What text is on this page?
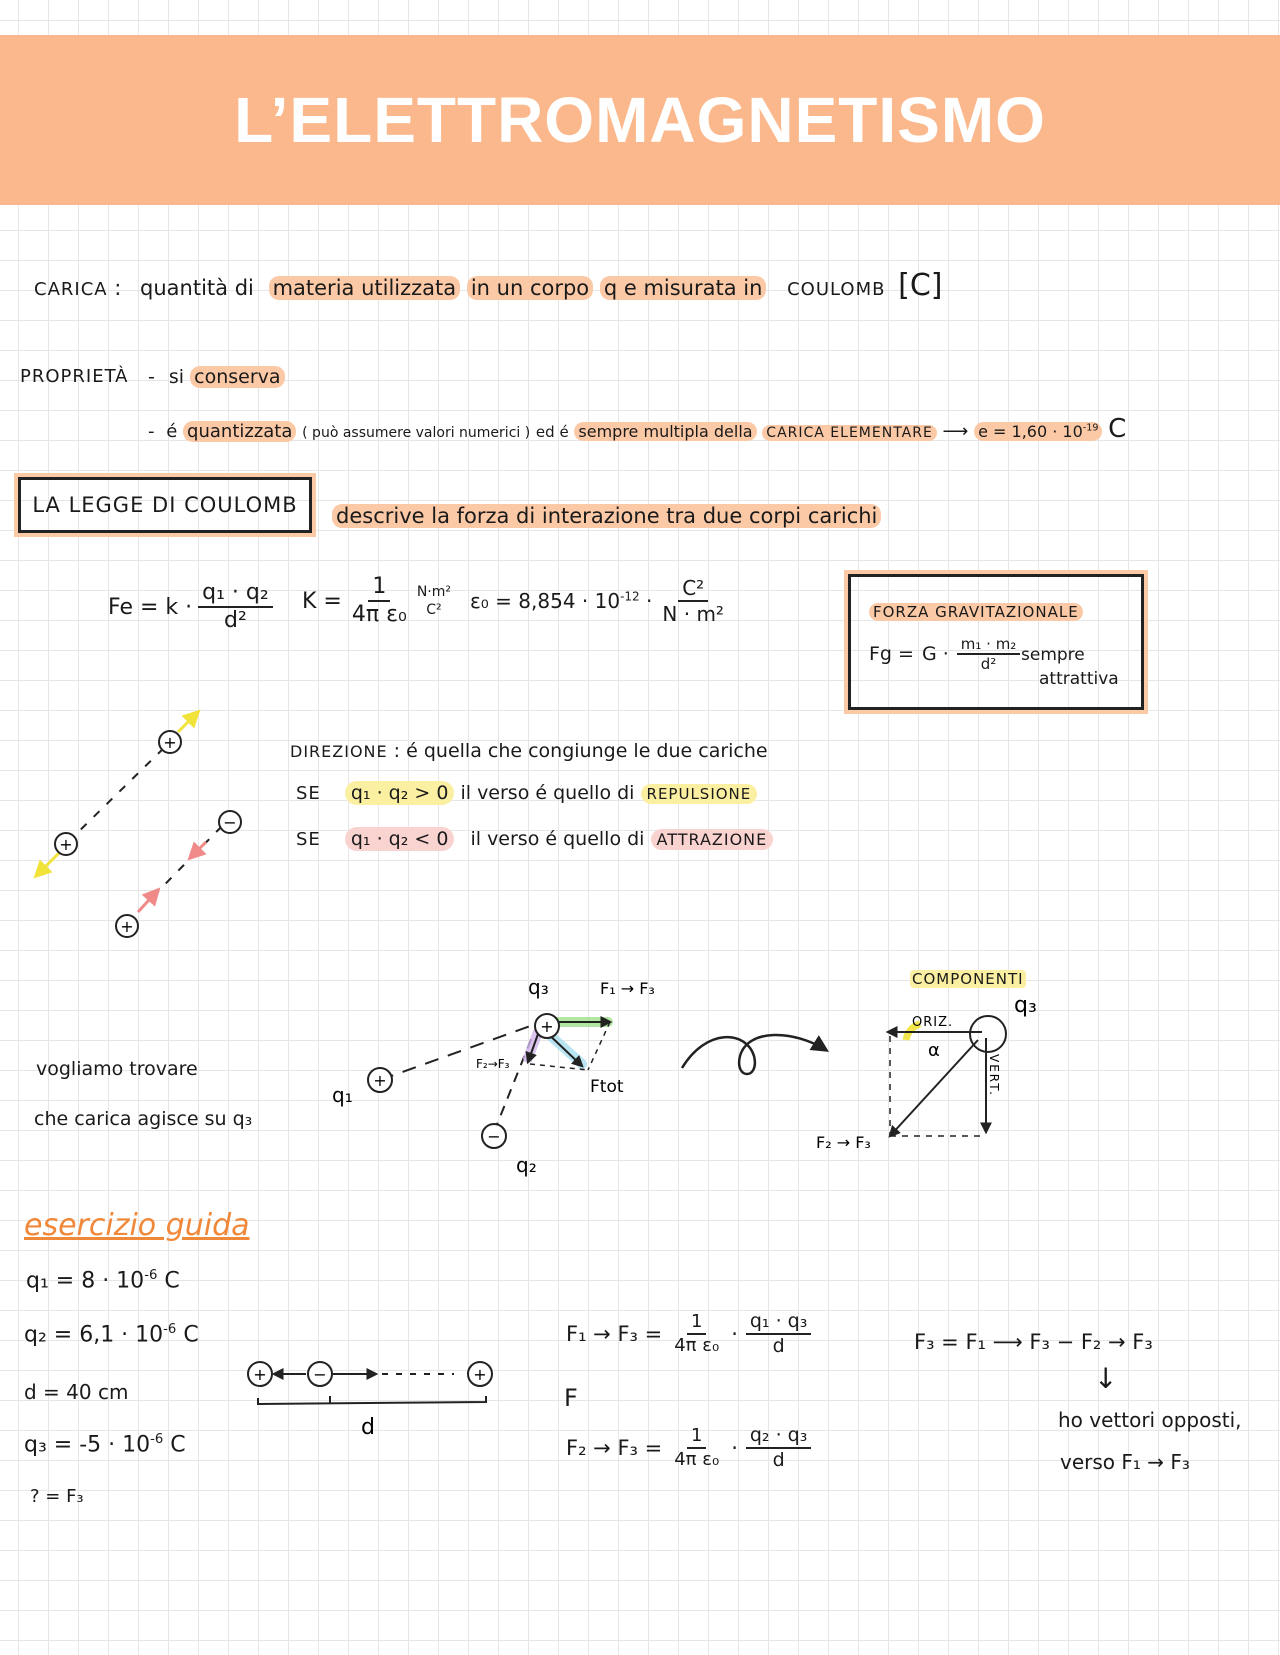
L’ELETTROMAGNETISMO
CARICA : quantità di materia utilizzata in un corpo q e misurata in COULOMB [C]
PROPRIETÀ - si conserva
- é quantizzata ( può assumere valori numerici ) ed é sempre multipla della CARICA ELEMENTARE ⟶ $e = 1,60 \cdot 10^{-19}$ C
LA LEGGE DI COULOMB descrive la forza di interazione tra due corpi carichi
$Fe = k \cdot \frac{\text{q₁ · q₂}}{\text{d²}}$ $K = \frac{1}{\text{4π ε₀}} N\cdot m^2$
C² $\varepsilon_0 = 8,854 \cdot 10^{-12} \cdot \frac{\text{C²}}{\text{N · m²}}$	FORZA GRAVITAZIONALE
$Fg = G \cdot \frac{\text{m₁ · m₂}}{\text{d²}}$ sempre
attrattiva
+
+
−
+
DIREZIONE : é quella che congiunge le due cariche
SE q₁ · q₂ > 0 il verso é quello di REPULSIONE
SE q₁ · q₂ < 0 il verso é quello di ATTRAZIONE
vogliamo trovare
che carica agisce su q₃
+
+
−
q₁
q₃
q₂
F₁ → F₃
F₂→F₃
Ftot
COMPONENTI
ORIZ.
α
q₃
VERT.
F₂ → F₃
esercizio guida
$q_1 = 8 \cdot 10^{-6}$ C
$q_2 = 6,1 \cdot 10^{-6}$ C
d = 40 cm
$q_3 = -5 \cdot 10^{-6}$ C
? = F₃
+	−	+
d
$F_1 \to F_3 = \frac{1}{\text{4π ε₀}} \cdot \frac{\text{q₁ · q₃}}{d}$
F
$F_2 \to F_3 = \frac{1}{\text{4π ε₀}} \cdot \frac{\text{q₂ · q₃}}{d}$
F₃ = F₁ ⟶ F₃ − F₂ → F₃
↓
ho vettori opposti,
verso F₁ → F₃
